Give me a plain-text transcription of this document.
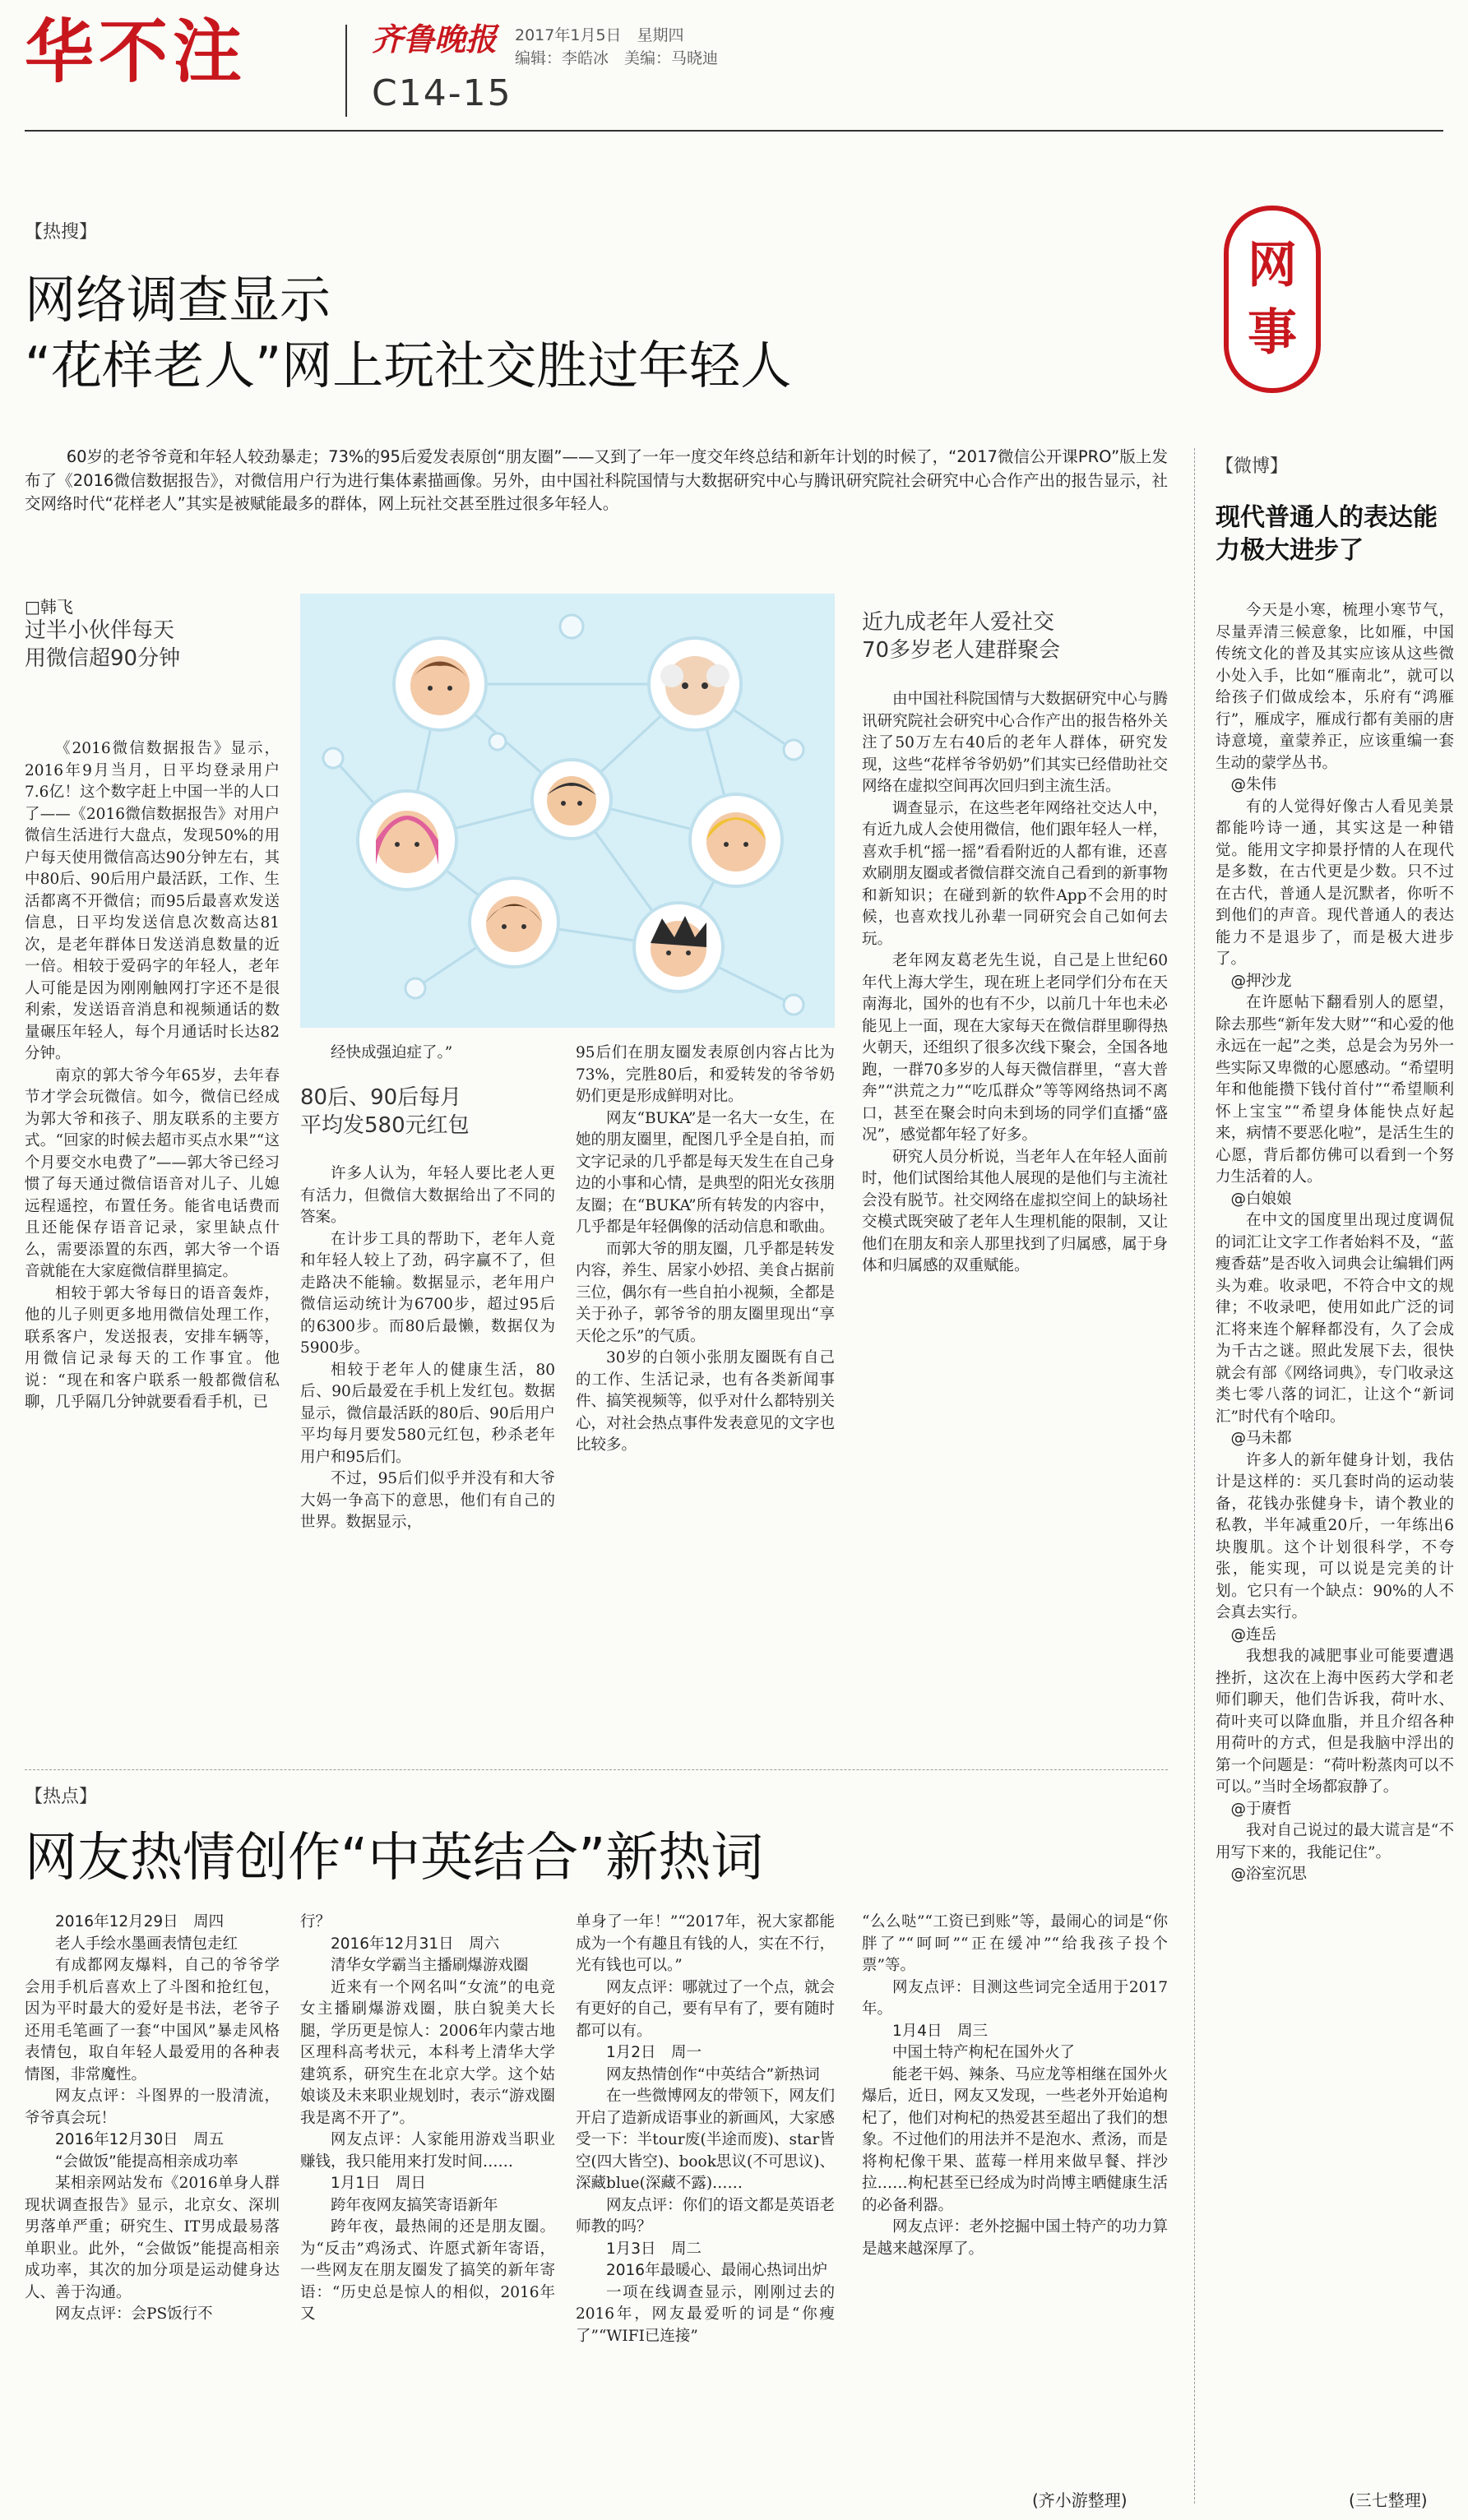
华不注	齐鲁晚报 2017年1月5日　星期四
编辑：李皓冰　美编：马晓迪
C14-15
网
事
【热搜】
网络调查显示
“花样老人”网上玩社交胜过年轻人
60岁的老爷爷竟和年轻人较劲暴走；73%的95后爱发表原创“朋友圈”——又到了一年一度交年终总结和新年计划的时候了，“2017微信公开课PRO”版上发布了《2016微信数据报告》，对微信用户行为进行集体素描画像。另外，由中国社科院国情与大数据研究中心与腾讯研究院社会研究中心合作产出的报告显示，社交网络时代“花样老人”其实是被赋能最多的群体，网上玩社交甚至胜过很多年轻人。
□韩飞
过半小伙伴每天
用微信超90分钟

《2016微信数据报告》显示，2016年9月当月，日平均登录用户7.6亿！这个数字赶上中国一半的人口了——《2016微信数据报告》对用户微信生活进行大盘点，发现50%的用户每天使用微信高达90分钟左右，其中80后、90后用户最活跃，工作、生活都离不开微信；而95后最喜欢发送信息，日平均发送信息次数高达81次，是老年群体日发送消息数量的近一倍。相较于爱码字的年轻人，老年人可能是因为刚刚触网打字还不是很利索，发送语音消息和视频通话的数量碾压年轻人，每个月通话时长达82分钟。

南京的郭大爷今年65岁，去年春节才学会玩微信。如今，微信已经成为郭大爷和孩子、朋友联系的主要方式。“回家的时候去超市买点水果”“这个月要交水电费了”——郭大爷已经习惯了每天通过微信语音对儿子、儿媳远程遥控，布置任务。能省电话费而且还能保存语音记录，家里缺点什么，需要添置的东西，郭大爷一个语音就能在大家庭微信群里搞定。

相较于郭大爷每日的语音轰炸，他的儿子则更多地用微信处理工作，联系客户，发送报表，安排车辆等，用微信记录每天的工作事宜。他说：“现在和客户联系一般都微信私聊，几乎隔几分钟就要看看手机，已

经快成强迫症了。”

80后、90后每月
平均发580元红包

许多人认为，年轻人要比老人更有活力，但微信大数据给出了不同的答案。

在计步工具的帮助下，老年人竟和年轻人较上了劲，码字赢不了，但走路决不能输。数据显示，老年用户微信运动统计为6700步，超过95后的6300步。而80后最懒，数据仅为5900步。

相较于老年人的健康生活，80后、90后最爱在手机上发红包。数据显示，微信最活跃的80后、90后用户平均每月要发580元红包，秒杀老年用户和95后们。

不过，95后们似乎并没有和大爷大妈一争高下的意思，他们有自己的世界。数据显示，

95后们在朋友圈发表原创内容占比为73%，完胜80后，和爱转发的爷爷奶奶们更是形成鲜明对比。

网友“BUKA”是一名大一女生，在她的朋友圈里，配图几乎全是自拍，而文字记录的几乎都是每天发生在自己身边的小事和心情，是典型的阳光女孩朋友圈；在“BUKA”所有转发的内容中，几乎都是年轻偶像的活动信息和歌曲。

而郭大爷的朋友圈，几乎都是转发内容，养生、居家小妙招、美食占据前三位，偶尔有一些自拍小视频，全都是关于孙子，郭爷爷的朋友圈里现出“享天伦之乐”的气质。

30岁的白领小张朋友圈既有自己的工作、生活记录，也有各类新闻事件、搞笑视频等，似乎对什么都特别关心，对社会热点事件发表意见的文字也比较多。

近九成老年人爱社交
70多岁老人建群聚会

由中国社科院国情与大数据研究中心与腾讯研究院社会研究中心合作产出的报告格外关注了50万左右40后的老年人群体，研究发现，这些“花样爷爷奶奶”们其实已经借助社交网络在虚拟空间再次回归到主流生活。

调查显示，在这些老年网络社交达人中，有近九成人会使用微信，他们跟年轻人一样，喜欢手机“摇一摇”看看附近的人都有谁，还喜欢刷朋友圈或者微信群交流自己看到的新事物和新知识；在碰到新的软件App不会用的时候，也喜欢找儿孙辈一同研究会自己如何去玩。

老年网友葛老先生说，自己是上世纪60年代上海大学生，现在班上老同学们分布在天南海北，国外的也有不少，以前几十年也未必能见上一面，现在大家每天在微信群里聊得热火朝天，还组织了很多次线下聚会，全国各地跑，一群70多岁的人每天微信群里，“喜大普奔”“洪荒之力”“吃瓜群众”等等网络热词不离口，甚至在聚会时向未到场的同学们直播“盛况”，感觉都年轻了好多。

研究人员分析说，当老年人在年轻人面前时，他们试图给其他人展现的是他们与主流社会没有脱节。社交网络在虚拟空间上的缺场社交模式既突破了老年人生理机能的限制，又让他们在朋友和亲人那里找到了归属感，属于身体和归属感的双重赋能。

【热点】
网友热情创作“中英结合”新热词

2016年12月29日　周四

老人手绘水墨画表情包走红

有成都网友爆料，自己的爷爷学会用手机后喜欢上了斗图和抢红包，因为平时最大的爱好是书法，老爷子还用毛笔画了一套“中国风”暴走风格表情包，取自年轻人最爱用的各种表情图，非常魔性。

网友点评：斗图界的一股清流，爷爷真会玩！

2016年12月30日　周五

“会做饭”能提高相亲成功率

某相亲网站发布《2016单身人群现状调查报告》显示，北京女、深圳男落单严重；研究生、IT男成最易落单职业。此外，“会做饭”能提高相亲成功率，其次的加分项是运动健身达人、善于沟通。

网友点评：会PS饭行不

行？

2016年12月31日　周六

清华女学霸当主播刷爆游戏圈

近来有一个网名叫“女流”的电竞女主播刷爆游戏圈，肤白貌美大长腿，学历更是惊人：2006年内蒙古地区理科高考状元，本科考上清华大学建筑系，研究生在北京大学。这个姑娘谈及未来职业规划时，表示“游戏圈我是离不开了”。

网友点评：人家能用游戏当职业赚钱，我只能用来打发时间……

1月1日　周日

跨年夜网友搞笑寄语新年

跨年夜，最热闹的还是朋友圈。为“反击”鸡汤式、许愿式新年寄语，一些网友在朋友圈发了搞笑的新年寄语：“历史总是惊人的相似，2016年又

单身了一年！”“2017年，祝大家都能成为一个有趣且有钱的人，实在不行，光有钱也可以。”

网友点评：哪就过了一个点，就会有更好的自己，要有早有了，要有随时都可以有。

1月2日　周一

网友热情创作“中英结合”新热词

在一些微博网友的带领下，网友们开启了造新成语事业的新画风，大家感受一下：半tour废(半途而废)、star皆空(四大皆空)、book思议(不可思议)、深藏blue(深藏不露)……

网友点评：你们的语文都是英语老师教的吗？

1月3日　周二

2016年最暖心、最闹心热词出炉

一项在线调查显示，刚刚过去的2016年，网友最爱听的词是“你瘦了”“WIFI已连接”

“么么哒”“工资已到账”等，最闹心的词是“你胖了”“呵呵”“正在缓冲”“给我孩子投个票”等。

网友点评：目测这些词完全适用于2017年。

1月4日　周三

中国土特产枸杞在国外火了

能老干妈、辣条、马应龙等相继在国外火爆后，近日，网友又发现，一些老外开始追枸杞了，他们对枸杞的热爱甚至超出了我们的想象。不过他们的用法并不是泡水、煮汤，而是将枸杞像干果、蓝莓一样用来做早餐、拌沙拉……枸杞甚至已经成为时尚博主晒健康生活的必备利器。

网友点评：老外挖掘中国土特产的功力算是越来越深厚了。

(齐小游整理)
【微博】
现代普通人的表达能力极大进步了

今天是小寒，梳理小寒节气，尽量弄清三候意象，比如雁，中国传统文化的普及其实应该从这些微小处入手，比如“雁南北”，就可以给孩子们做成绘本，乐府有“鸿雁行”，雁成字，雁成行都有美丽的唐诗意境，童蒙养正，应该重编一套生动的蒙学丛书。

@朱伟

有的人觉得好像古人看见美景都能吟诗一通，其实这是一种错觉。能用文字抑景抒情的人在现代是多数，在古代更是少数。只不过在古代，普通人是沉默者，你听不到他们的声音。现代普通人的表达能力不是退步了，而是极大进步了。

@押沙龙

在许愿帖下翻看别人的愿望，除去那些“新年发大财”“和心爱的他永远在一起”之类，总是会为另外一些实际又卑微的心愿感动。“希望明年和他能攒下钱付首付”“希望顺利怀上宝宝”“希望身体能快点好起来，病情不要恶化啦”，是活生生的心愿，背后都仿佛可以看到一个努力生活着的人。

@白娘娘

在中文的国度里出现过度调侃的词汇让文字工作者始料不及，“蓝瘦香菇”是否收入词典会让编辑们两头为难。收录吧，不符合中文的规律；不收录吧，使用如此广泛的词汇将来连个解释都没有，久了会成为千古之谜。照此发展下去，很快就会有部《网络词典》，专门收录这类七零八落的词汇，让这个“新词汇”时代有个啥印。

@马未都

许多人的新年健身计划，我估计是这样的：买几套时尚的运动装备，花钱办张健身卡，请个教业的私教，半年减重20斤，一年练出6块腹肌。这个计划很科学，不夸张，能实现，可以说是完美的计划。它只有一个缺点：90%的人不会真去实行。

@连岳

我想我的减肥事业可能要遭遇挫折，这次在上海中医药大学和老师们聊天，他们告诉我，荷叶水、荷叶夹可以降血脂，并且介绍各种用荷叶的方式，但是我脑中浮出的第一个问题是：“荷叶粉蒸肉可以不可以。”当时全场都寂静了。

@于赓哲

我对自己说过的最大谎言是“不用写下来的，我能记住”。

@浴室沉思

(三七整理)
